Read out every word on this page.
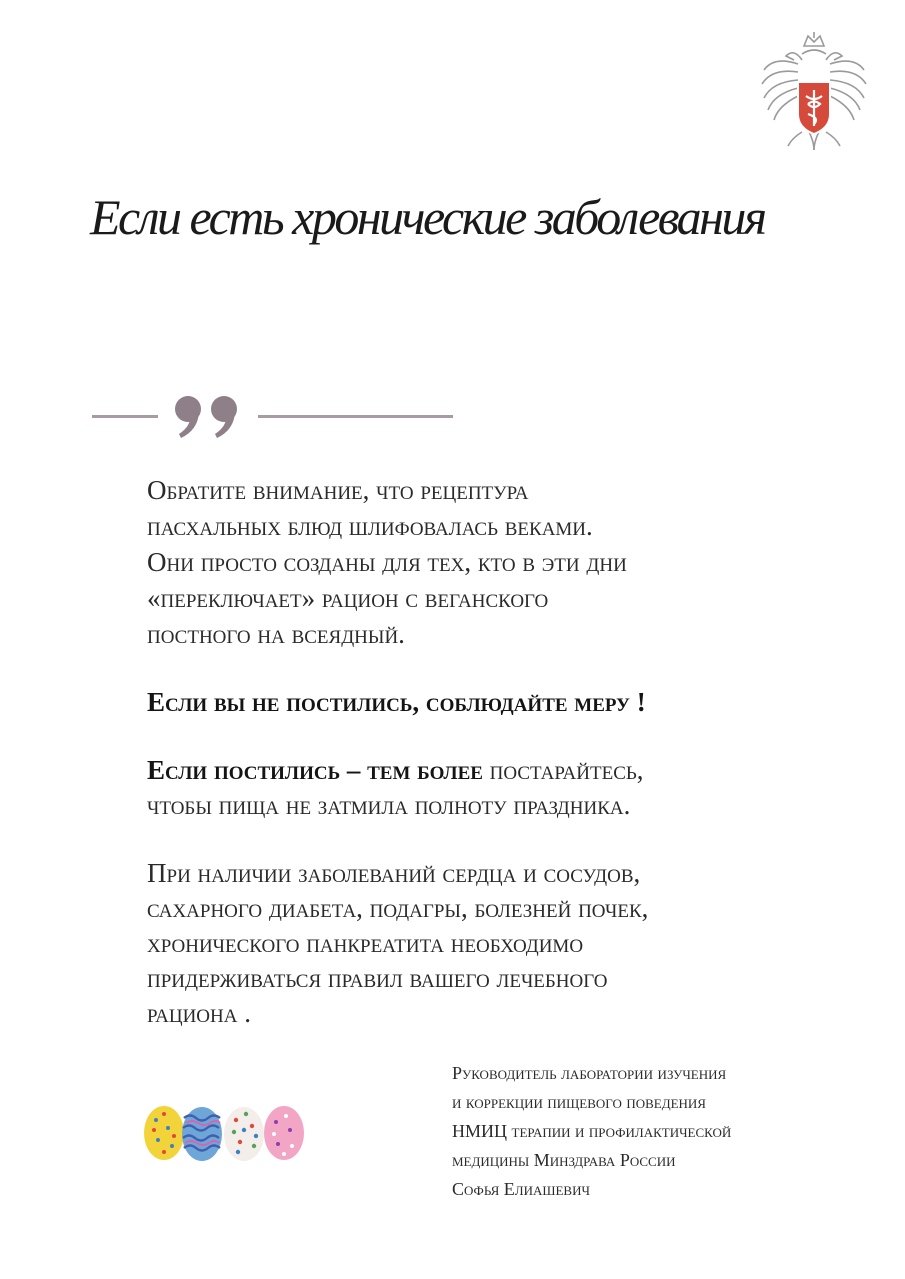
Если есть хронические заболевания

Обратите внимание, что рецептура
пасхальных блюд шлифовалась веками.
Они просто созданы для тех, кто в эти дни
«переключает» рацион с веганского
постного на всеядный.

Если вы не постились, соблюдайте меру !

Если постились – тем более постарайтесь,
чтобы пища не затмила полноту праздника.

При наличии заболеваний сердца и сосудов,
сахарного диабета, подагры, болезней почек,
хронического панкреатита необходимо
придерживаться правил вашего лечебного
рациона .

Руководитель лаборатории изучения
и коррекции пищевого поведения
НМИЦ терапии и профилактической
медицины Минздрава России
Софья Елиашевич
